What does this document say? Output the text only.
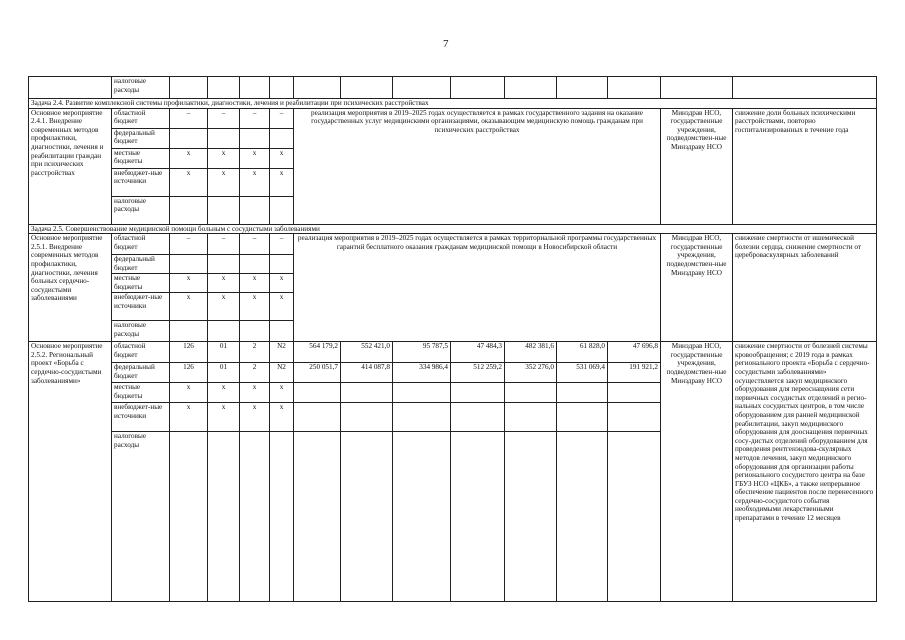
7
	налоговые расходы													
Задача 2.4. Развитие комплексной системы профилактики, диагностики, лечения и реабилитации при психических расстройствах														
Основное мероприятие 2.4.1. Внедрение современных методов профилактики, диагностики, лечения и реабилитации граждан при психических расстройствах	областной бюджет	–	–	–	–	реализация мероприятия в 2019–2025 годах осуществляется в рамках государственного задания на оказание государственных услуг медицинскими организациями, оказывающим медицинскую помощь гражданам при психических расстройствах							Минздрав НСО, государственные учреждения, подведомствен-ные Минздраву НСО	снижение доли больных психическими расстройствами, повторно госпитализированных в течение года
	федеральный бюджет													
	местные бюджеты	х	х	х	х									
	внебюджет-ные источники	х	х	х	х									
	налоговые расходы													
Задача 2.5. Совершенствование медицинской помощи больным с сосудистыми заболеваниями														
Основное мероприятие 2.5.1. Внедрение современных методов профилактики, диагностики, лечения больных сердечно-сосудистыми заболеваниями	областной бюджет	–	–	–	–	реализация мероприятия в 2019–2025 годах осуществляется в рамках территориальной программы государственных гарантий бесплатного оказания гражданам медицинской помощи в Новосибирской области							Минздрав НСО, государственные учреждения, подведомствен-ные Минздраву НСО	снижение смертности от ишемической болезни сердца, снижение смертности от цереброваскулярных заболеваний
	федеральный бюджет													
	местные бюджеты	х	х	х	х									
	внебюджет-ные источники	х	х	х	х									
	налоговые расходы													
Основное мероприятие 2.5.2. Региональный проект «Борьба с сердечно-сосудистыми заболеваниями»	областной бюджет	126	01	2	N2	564 179,2	552 421,0	95 787,5	47 484,3	482 381,6	61 828,0	47 696,8	Минздрав НСО, государственные учреждения, подведомствен-ные Минздраву НСО	снижение смертности от болезней системы кровообращения; с 2019 года в рамках регионального проекта «Борьба с сердечно-сосудистыми заболеваниями» осуществляется закуп медицинского оборудования для переоснащения сети первичных сосудистых отделений и регио-нальных сосудистых центров, в том числе оборудованием для ранней медицинской реабилитации, закуп медицинского оборудования для дооснащения первичных сосу-дистых отделений оборудованием для проведения рентгенэндова-скулярных методов лечения, закуп медицинского оборудования для организации работы регионального сосудистого центра на базе ГБУЗ НСО «ЦКБ», а также непрерывное обеспечение пациентов после перенесенного сердечно-сосудистого события необходимыми лекарственными препаратами в течение 12 месяцев
	федеральный бюджет	126	01	2	N2	250 051,7	414 087,8	334 986,4	512 259,2	352 276,0	531 069,4	191 921,2		
	местные бюджеты	х	х	х	х									
	внебюджет-ные источники	х	х	х	х									
	налоговые расходы													
